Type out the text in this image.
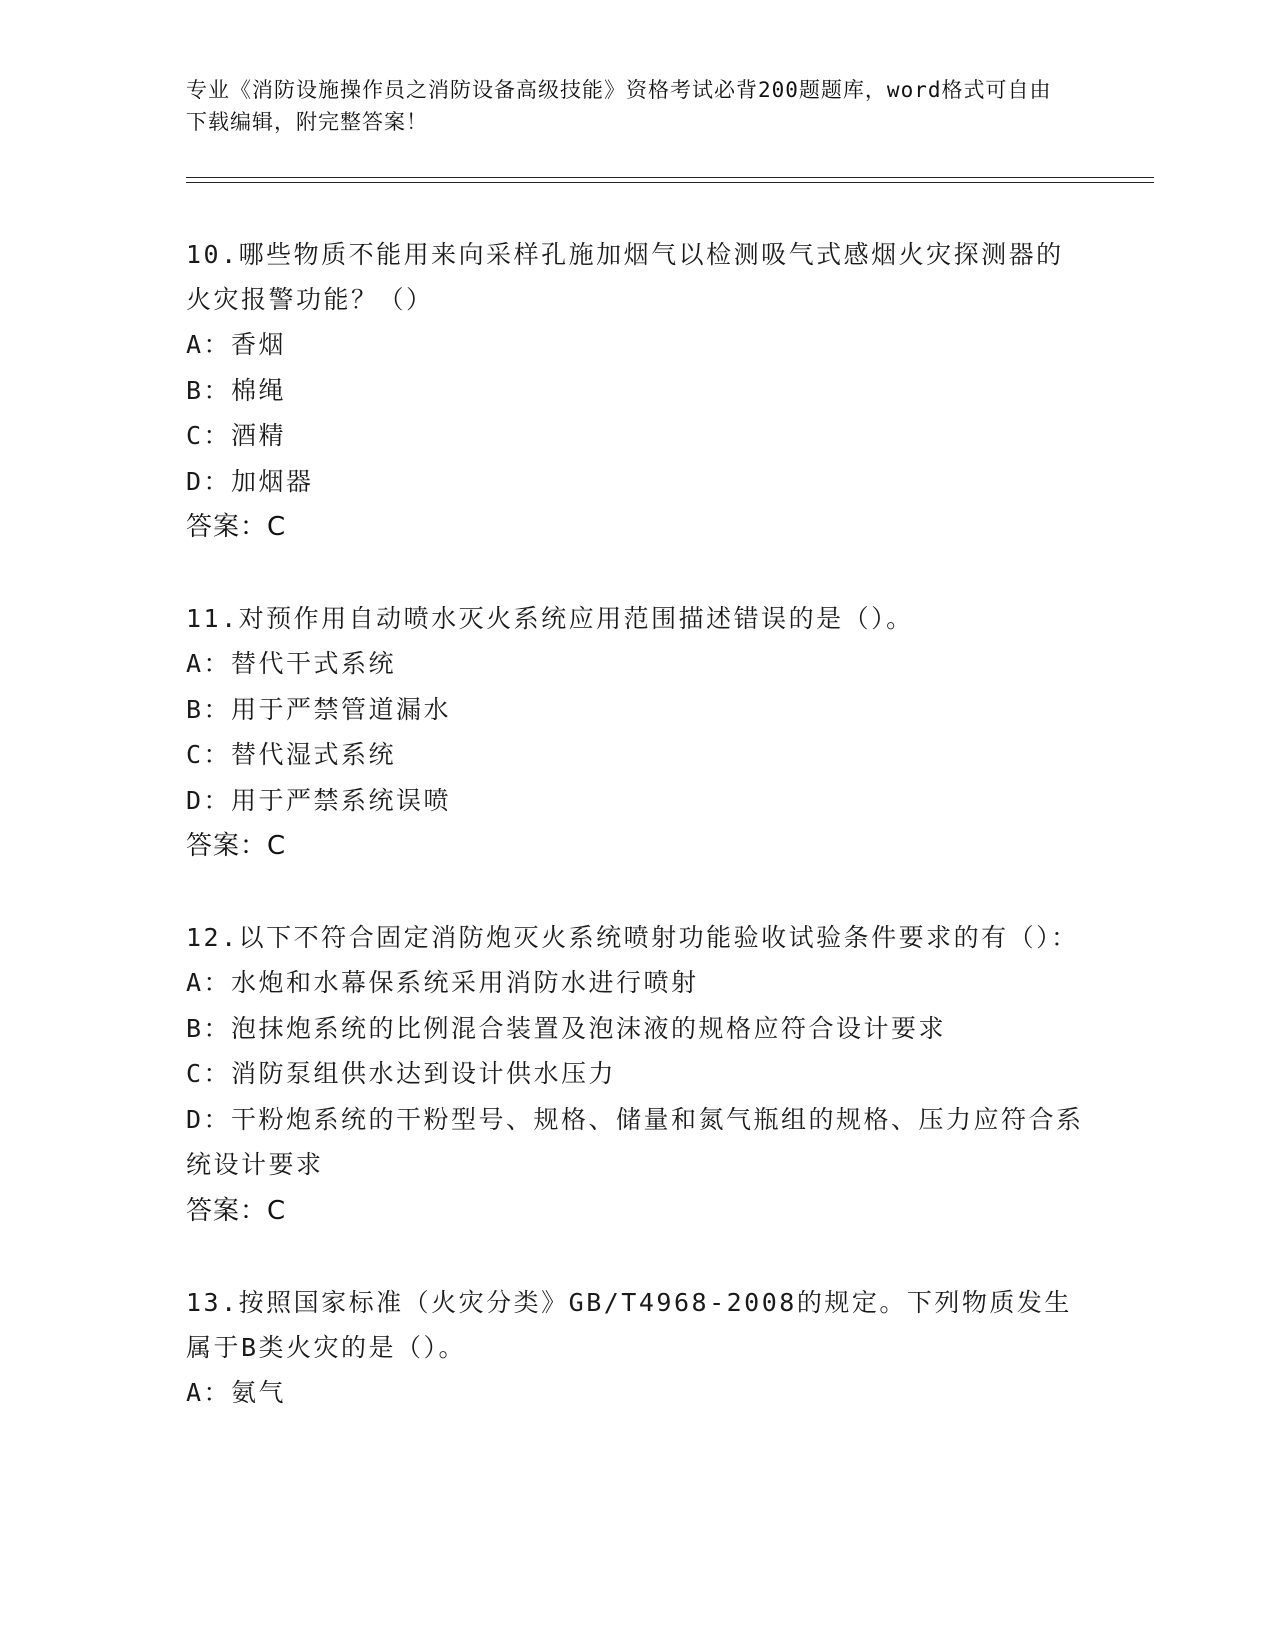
专业《消防设施操作员之消防设备高级技能》资格考试必背200题题库，word格式可自由下载编辑，附完整答案！

10.哪些物质不能用来向采样孔施加烟气以检测吸气式感烟火灾探测器的火灾报警功能？（）

A：香烟

B：棉绳

C：酒精

D：加烟器

答案：C

11.对预作用自动喷水灭火系统应用范围描述错误的是（）。

A：替代干式系统

B：用于严禁管道漏水

C：替代湿式系统

D：用于严禁系统误喷

答案：C

12.以下不符合固定消防炮灭火系统喷射功能验收试验条件要求的有（）：

A：水炮和水幕保系统采用消防水进行喷射

B：泡抹炮系统的比例混合装置及泡沫液的规格应符合设计要求

C：消防泵组供水达到设计供水压力

D：干粉炮系统的干粉型号、规格、储量和氮气瓶组的规格、压力应符合系统设计要求

答案：C

13.按照国家标准（火灾分类》GB/T4968-2008的规定。下列物质发生属于B类火灾的是（）。

A：氨气
